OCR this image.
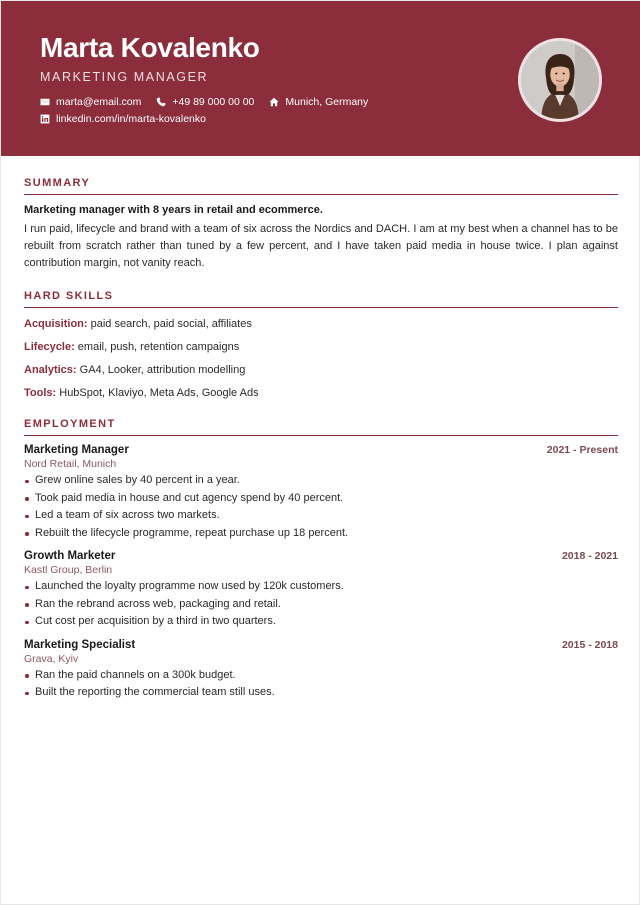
Marta Kovalenko
MARKETING MANAGER
marta@email.com	+49 89 000 00 00	Munich, Germany
linkedin.com/in/marta-kovalenko
SUMMARY
Marketing manager with 8 years in retail and ecommerce.
I run paid, lifecycle and brand with a team of six across the Nordics and DACH. I am at my best when a channel has to be rebuilt from scratch rather than tuned by a few percent, and I have taken paid media in house twice. I plan against contribution margin, not vanity reach.
HARD SKILLS
Acquisition: paid search, paid social, affiliates
Lifecycle: email, push, retention campaigns
Analytics: GA4, Looker, attribution modelling
Tools: HubSpot, Klaviyo, Meta Ads, Google Ads
EMPLOYMENT
Marketing Manager	2021 - Present
Nord Retail, Munich
Grew online sales by 40 percent in a year.
Took paid media in house and cut agency spend by 40 percent.
Led a team of six across two markets.
Rebuilt the lifecycle programme, repeat purchase up 18 percent.
Growth Marketer	2018 - 2021
Kastl Group, Berlin
Launched the loyalty programme now used by 120k customers.
Ran the rebrand across web, packaging and retail.
Cut cost per acquisition by a third in two quarters.
Marketing Specialist	2015 - 2018
Grava, Kyiv
Ran the paid channels on a 300k budget.
Built the reporting the commercial team still uses.
